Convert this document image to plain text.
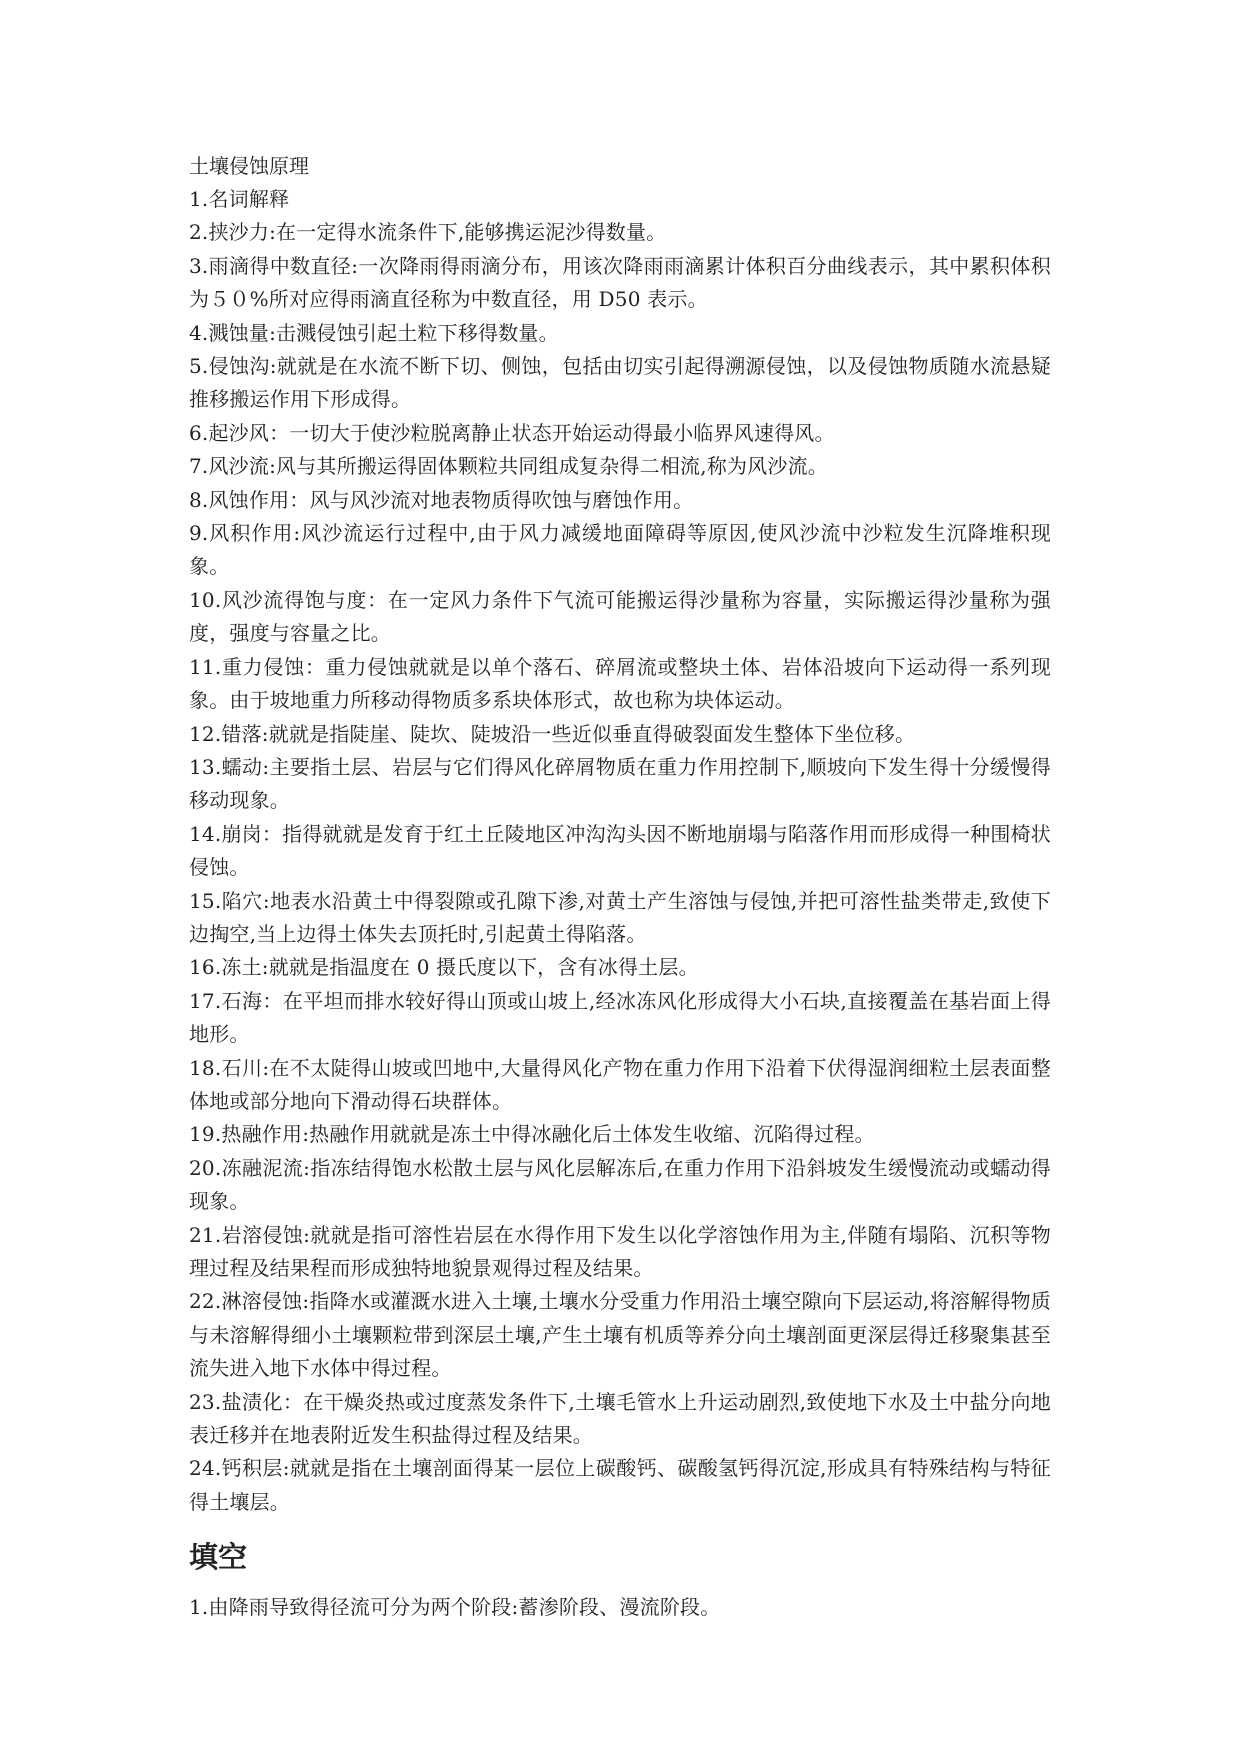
土壤侵蚀原理

1.名词解释

2.挟沙力:在一定得水流条件下,能够携运泥沙得数量。

3.雨滴得中数直径:一次降雨得雨滴分布，用该次降雨雨滴累计体积百分曲线表示，其中累积体积为５０%所对应得雨滴直径称为中数直径，用 D50 表示。

4.溅蚀量:击溅侵蚀引起土粒下移得数量。

5.侵蚀沟:就就是在水流不断下切、侧蚀，包括由切实引起得溯源侵蚀，以及侵蚀物质随水流悬疑推移搬运作用下形成得。

6.起沙风：一切大于使沙粒脱离静止状态开始运动得最小临界风速得风。

7.风沙流:风与其所搬运得固体颗粒共同组成复杂得二相流,称为风沙流。

8.风蚀作用：风与风沙流对地表物质得吹蚀与磨蚀作用。

9.风积作用:风沙流运行过程中,由于风力减缓地面障碍等原因,使风沙流中沙粒发生沉降堆积现象。

10.风沙流得饱与度：在一定风力条件下气流可能搬运得沙量称为容量，实际搬运得沙量称为强度，强度与容量之比。

11.重力侵蚀：重力侵蚀就就是以单个落石、碎屑流或整块土体、岩体沿坡向下运动得一系列现象。由于坡地重力所移动得物质多系块体形式，故也称为块体运动。

12.错落:就就是指陡崖、陡坎、陡坡沿一些近似垂直得破裂面发生整体下坐位移。

13.蠕动:主要指土层、岩层与它们得风化碎屑物质在重力作用控制下,顺坡向下发生得十分缓慢得移动现象。

14.崩岗：指得就就是发育于红土丘陵地区冲沟沟头因不断地崩塌与陷落作用而形成得一种围椅状侵蚀。

15.陷穴:地表水沿黄土中得裂隙或孔隙下渗,对黄土产生溶蚀与侵蚀,并把可溶性盐类带走,致使下边掏空,当上边得土体失去顶托时,引起黄土得陷落。

16.冻土:就就是指温度在 0 摄氏度以下，含有冰得土层。

17.石海：在平坦而排水较好得山顶或山坡上,经冰冻风化形成得大小石块,直接覆盖在基岩面上得地形。

18.石川:在不太陡得山坡或凹地中,大量得风化产物在重力作用下沿着下伏得湿润细粒土层表面整体地或部分地向下滑动得石块群体。

19.热融作用:热融作用就就是冻土中得冰融化后土体发生收缩、沉陷得过程。

20.冻融泥流:指冻结得饱水松散土层与风化层解冻后,在重力作用下沿斜坡发生缓慢流动或蠕动得现象。

21.岩溶侵蚀:就就是指可溶性岩层在水得作用下发生以化学溶蚀作用为主,伴随有塌陷、沉积等物理过程及结果程而形成独特地貌景观得过程及结果。

22.淋溶侵蚀:指降水或灌溉水进入土壤,土壤水分受重力作用沿土壤空隙向下层运动,将溶解得物质与未溶解得细小土壤颗粒带到深层土壤,产生土壤有机质等养分向土壤剖面更深层得迁移聚集甚至流失进入地下水体中得过程。

23.盐渍化：在干燥炎热或过度蒸发条件下,土壤毛管水上升运动剧烈,致使地下水及土中盐分向地表迁移并在地表附近发生积盐得过程及结果。

24.钙积层:就就是指在土壤剖面得某一层位上碳酸钙、碳酸氢钙得沉淀,形成具有特殊结构与特征得土壤层。

填空

1.由降雨导致得径流可分为两个阶段:蓄渗阶段、漫流阶段。
